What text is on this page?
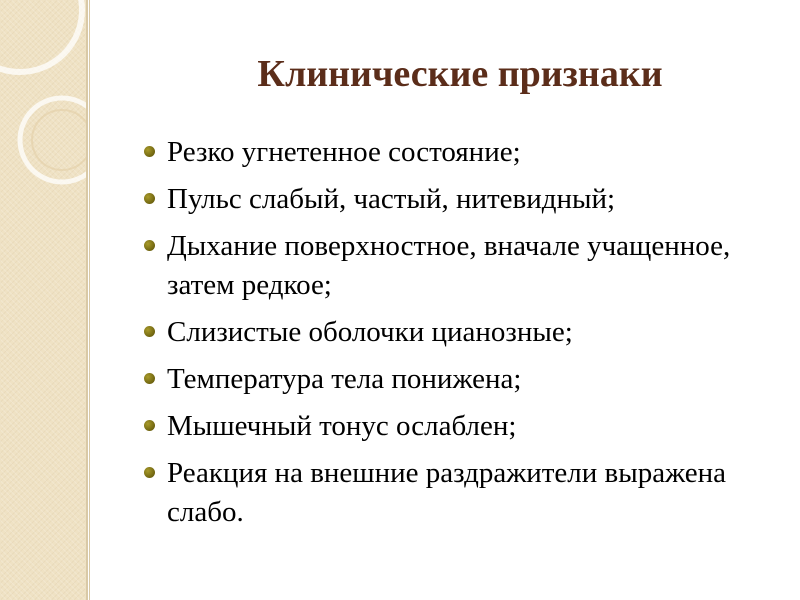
Клинические признаки
Резко угнетенное состояние;
Пульс слабый, частый, нитевидный;
Дыхание поверхностное, вначале учащенное, затем редкое;
Слизистые оболочки цианозные;
Температура тела понижена;
Мышечный тонус ослаблен;
Реакция на внешние раздражители выражена слабо.
